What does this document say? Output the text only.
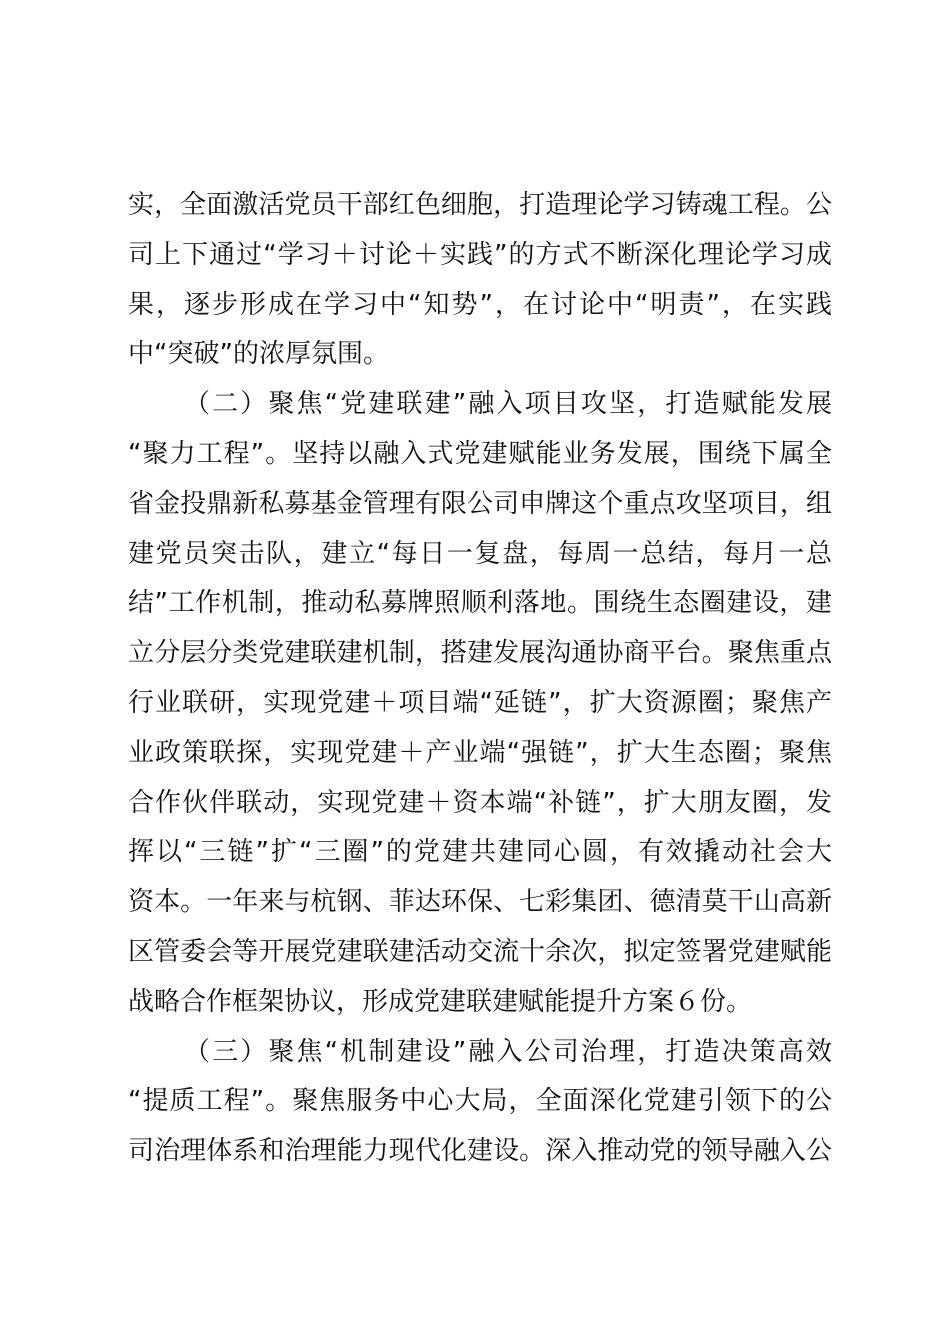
实，全面激活党员干部红色细胞，打造理论学习铸魂工程。公
司上下通过“学习＋讨论＋实践”的方式不断深化理论学习成
果，逐步形成在学习中“知势”，在讨论中“明责”，在实践
中“突破”的浓厚氛围。
（二）聚焦“党建联建”融入项目攻坚，打造赋能发展
“聚力工程”。坚持以融入式党建赋能业务发展，围绕下属全
省金投鼎新私募基金管理有限公司申牌这个重点攻坚项目，组
建党员突击队，建立“每日一复盘，每周一总结，每月一总
结”工作机制，推动私募牌照顺利落地。围绕生态圈建设，建
立分层分类党建联建机制，搭建发展沟通协商平台。聚焦重点
行业联研，实现党建＋项目端“延链”，扩大资源圈；聚焦产
业政策联探，实现党建＋产业端“强链”，扩大生态圈；聚焦
合作伙伴联动，实现党建＋资本端“补链”，扩大朋友圈，发
挥以“三链”扩“三圈”的党建共建同心圆，有效撬动社会大
资本。一年来与杭钢、菲达环保、七彩集团、德清莫干山高新
区管委会等开展党建联建活动交流十余次，拟定签署党建赋能
战略合作框架协议，形成党建联建赋能提升方案６份。
（三）聚焦“机制建设”融入公司治理，打造决策高效
“提质工程”。聚焦服务中心大局，全面深化党建引领下的公
司治理体系和治理能力现代化建设。深入推动党的领导融入公
